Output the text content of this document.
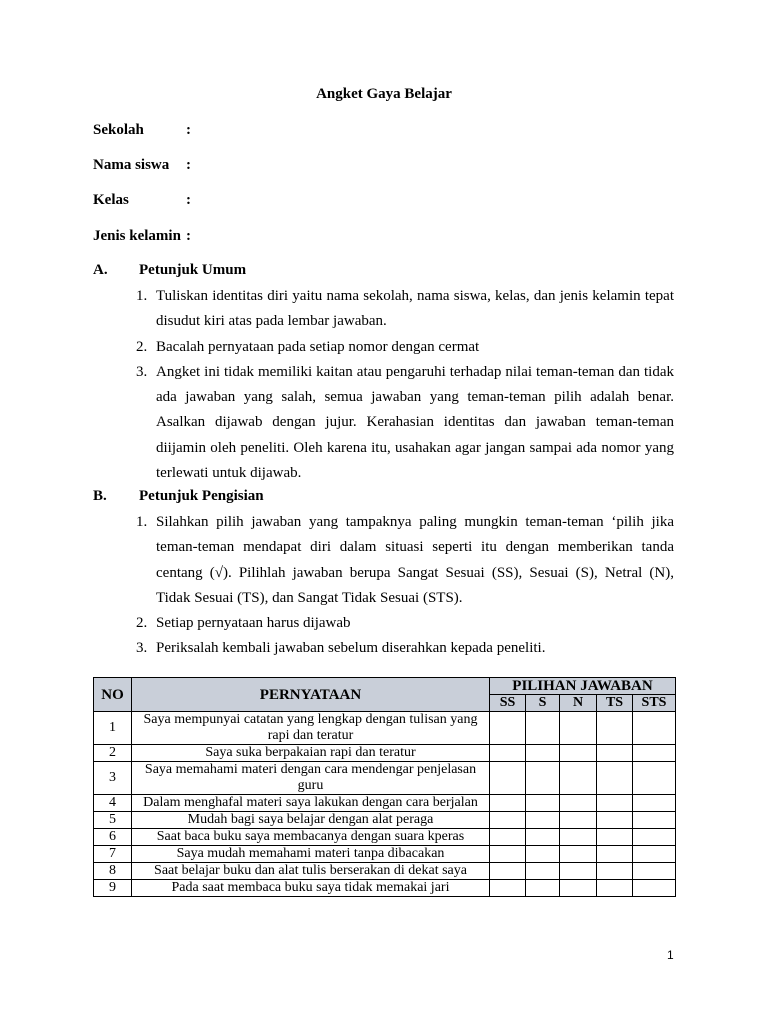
Angket Gaya Belajar
Sekolah	:
Nama siswa :
Kelas	:
Jenis kelamin :
A. Petunjuk Umum
1. Tuliskan identitas diri yaitu nama sekolah, nama siswa, kelas, dan jenis kelamin tepat disudut kiri atas pada lembar jawaban.
2. Bacalah pernyataan pada setiap nomor dengan cermat
3. Angket ini tidak memiliki kaitan atau pengaruhi terhadap nilai teman-teman dan tidak ada jawaban yang salah, semua jawaban yang teman-teman pilih adalah benar. Asalkan dijawab dengan jujur. Kerahasian identitas dan jawaban teman-teman diijamin oleh peneliti. Oleh karena itu, usahakan agar jangan sampai ada nomor yang terlewati untuk dijawab.
B. Petunjuk Pengisian
1. Silahkan pilih jawaban yang tampaknya paling mungkin teman-teman ‘pilih jika teman-teman mendapat diri dalam situasi seperti itu dengan memberikan tanda centang (√). Pilihlah jawaban berupa Sangat Sesuai (SS), Sesuai (S), Netral (N), Tidak Sesuai (TS), dan Sangat Tidak Sesuai (STS).
2. Setiap pernyataan harus dijawab
3. Periksalah kembali jawaban sebelum diserahkan kepada peneliti.
NO	PERNYATAAN	PILIHAN JAWABAN				
		SS	S	N	TS	STS
1	Saya mempunyai catatan yang lengkap dengan tulisan yang rapi dan teratur					
2	Saya suka berpakaian rapi dan teratur					
3	Saya memahami materi dengan cara mendengar penjelasan guru					
4	Dalam menghafal materi saya lakukan dengan cara berjalan					
5	Mudah bagi saya belajar dengan alat peraga					
6	Saat baca buku saya membacanya dengan suara kperas					
7	Saya mudah memahami materi tanpa dibacakan					
8	Saat belajar buku dan alat tulis berserakan di dekat saya					
9	Pada saat membaca buku saya tidak memakai jari					
1
